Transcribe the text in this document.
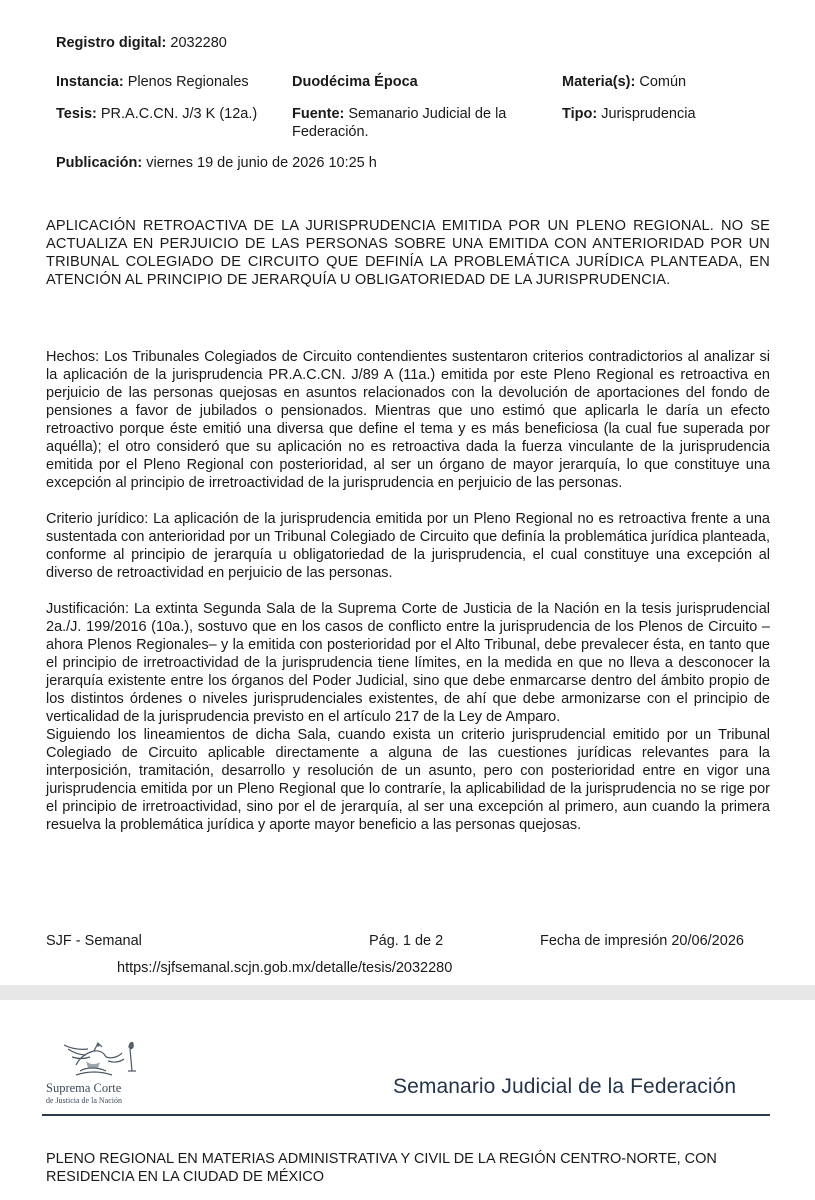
Registro digital: 2032280
Instancia: Plenos Regionales	Duodécima Época	Materia(s): Común
Tesis: PR.A.C.CN. J/3 K (12a.) Fuente: Semanario Judicial de la
Federación.
Tipo: Jurisprudencia
Publicación: viernes 19 de junio de 2026 10:25 h
APLICACIÓN RETROACTIVA DE LA JURISPRUDENCIA EMITIDA POR UN PLENO REGIONAL. NO SE ACTUALIZA EN PERJUICIO DE LAS PERSONAS SOBRE UNA EMITIDA CON ANTERIORIDAD POR UN TRIBUNAL COLEGIADO DE CIRCUITO QUE DEFINÍA LA PROBLEMÁTICA JURÍDICA PLANTEADA, EN ATENCIÓN AL PRINCIPIO DE JERARQUÍA U OBLIGATORIEDAD DE LA JURISPRUDENCIA.

Hechos: Los Tribunales Colegiados de Circuito contendientes sustentaron criterios contradictorios al analizar si la aplicación de la jurisprudencia PR.A.C.CN. J/89 A (11a.) emitida por este Pleno Regional es retroactiva en perjuicio de las personas quejosas en asuntos relacionados con la devolución de aportaciones del fondo de pensiones a favor de jubilados o pensionados. Mientras que uno estimó que aplicarla le daría un efecto retroactivo porque éste emitió una diversa que define el tema y es más beneficiosa (la cual fue superada por aquélla); el otro consideró que su aplicación no es retroactiva dada la fuerza vinculante de la jurisprudencia emitida por el Pleno Regional con posterioridad, al ser un órgano de mayor jerarquía, lo que constituye una excepción al principio de irretroactividad de la jurisprudencia en perjuicio de las personas.

Criterio jurídico: La aplicación de la jurisprudencia emitida por un Pleno Regional no es retroactiva frente a una sustentada con anterioridad por un Tribunal Colegiado de Circuito que definía la problemática jurídica planteada, conforme al principio de jerarquía u obligatoriedad de la jurisprudencia, el cual constituye una excepción al diverso de retroactividad en perjuicio de las personas.

Justificación: La extinta Segunda Sala de la Suprema Corte de Justicia de la Nación en la tesis jurisprudencial 2a./J. 199/2016 (10a.), sostuvo que en los casos de conflicto entre la jurisprudencia de los Plenos de Circuito –ahora Plenos Regionales– y la emitida con posterioridad por el Alto Tribunal, debe prevalecer ésta, en tanto que el principio de irretroactividad de la jurisprudencia tiene límites, en la medida en que no lleva a desconocer la jerarquía existente entre los órganos del Poder Judicial, sino que debe enmarcarse dentro del ámbito propio de los distintos órdenes o niveles jurisprudenciales existentes, de ahí que debe armonizarse con el principio de verticalidad de la jurisprudencia previsto en el artículo 217 de la Ley de Amparo.

Siguiendo los lineamientos de dicha Sala, cuando exista un criterio jurisprudencial emitido por un Tribunal Colegiado de Circuito aplicable directamente a alguna de las cuestiones jurídicas relevantes para la interposición, tramitación, desarrollo y resolución de un asunto, pero con posterioridad entre en vigor una jurisprudencia emitida por un Pleno Regional que lo contraríe, la aplicabilidad de la jurisprudencia no se rige por el principio de irretroactividad, sino por el de jerarquía, al ser una excepción al primero, aun cuando la primera resuelva la problemática jurídica y aporte mayor beneficio a las personas quejosas.

SJF - Semanal	Pág. 1 de 2	Fecha de impresión 20/06/2026
https://sjfsemanal.scjn.gob.mx/detalle/tesis/2032280
Suprema Corte
de Justicia de la Nación
Semanario Judicial de la Federación
PLENO REGIONAL EN MATERIAS ADMINISTRATIVA Y CIVIL DE LA REGIÓN CENTRO-NORTE, CON RESIDENCIA EN LA CIUDAD DE MÉXICO
